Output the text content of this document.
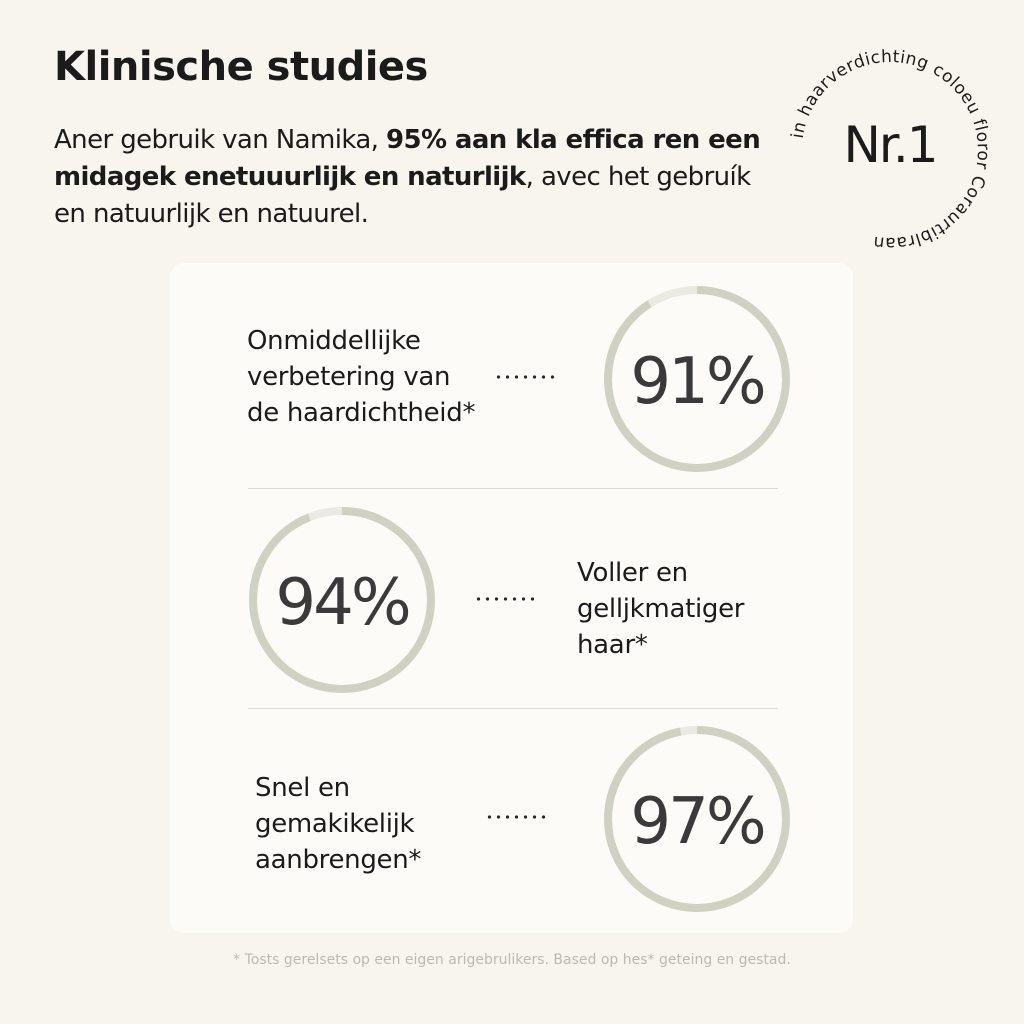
Klinische studies

Aner gebruik van Namika, 95% aan kla effica ren een midagek enetuuurlijk en naturlijk, avec het gebruík en natuurlijk en natuurel.

in haarverdichting coloeu floror Coraurtiblraan
Nr.1
Onmiddellijke
verbetering van
de haardichtheid* 91%
94%	Voller en
gelljkmatiger
haar*
Snel en
gemakikelijk
aanbrengen*
97%

* Tosts gerelsets op een eigen arigebrulikers. Based op hes* geteing en gestad.
